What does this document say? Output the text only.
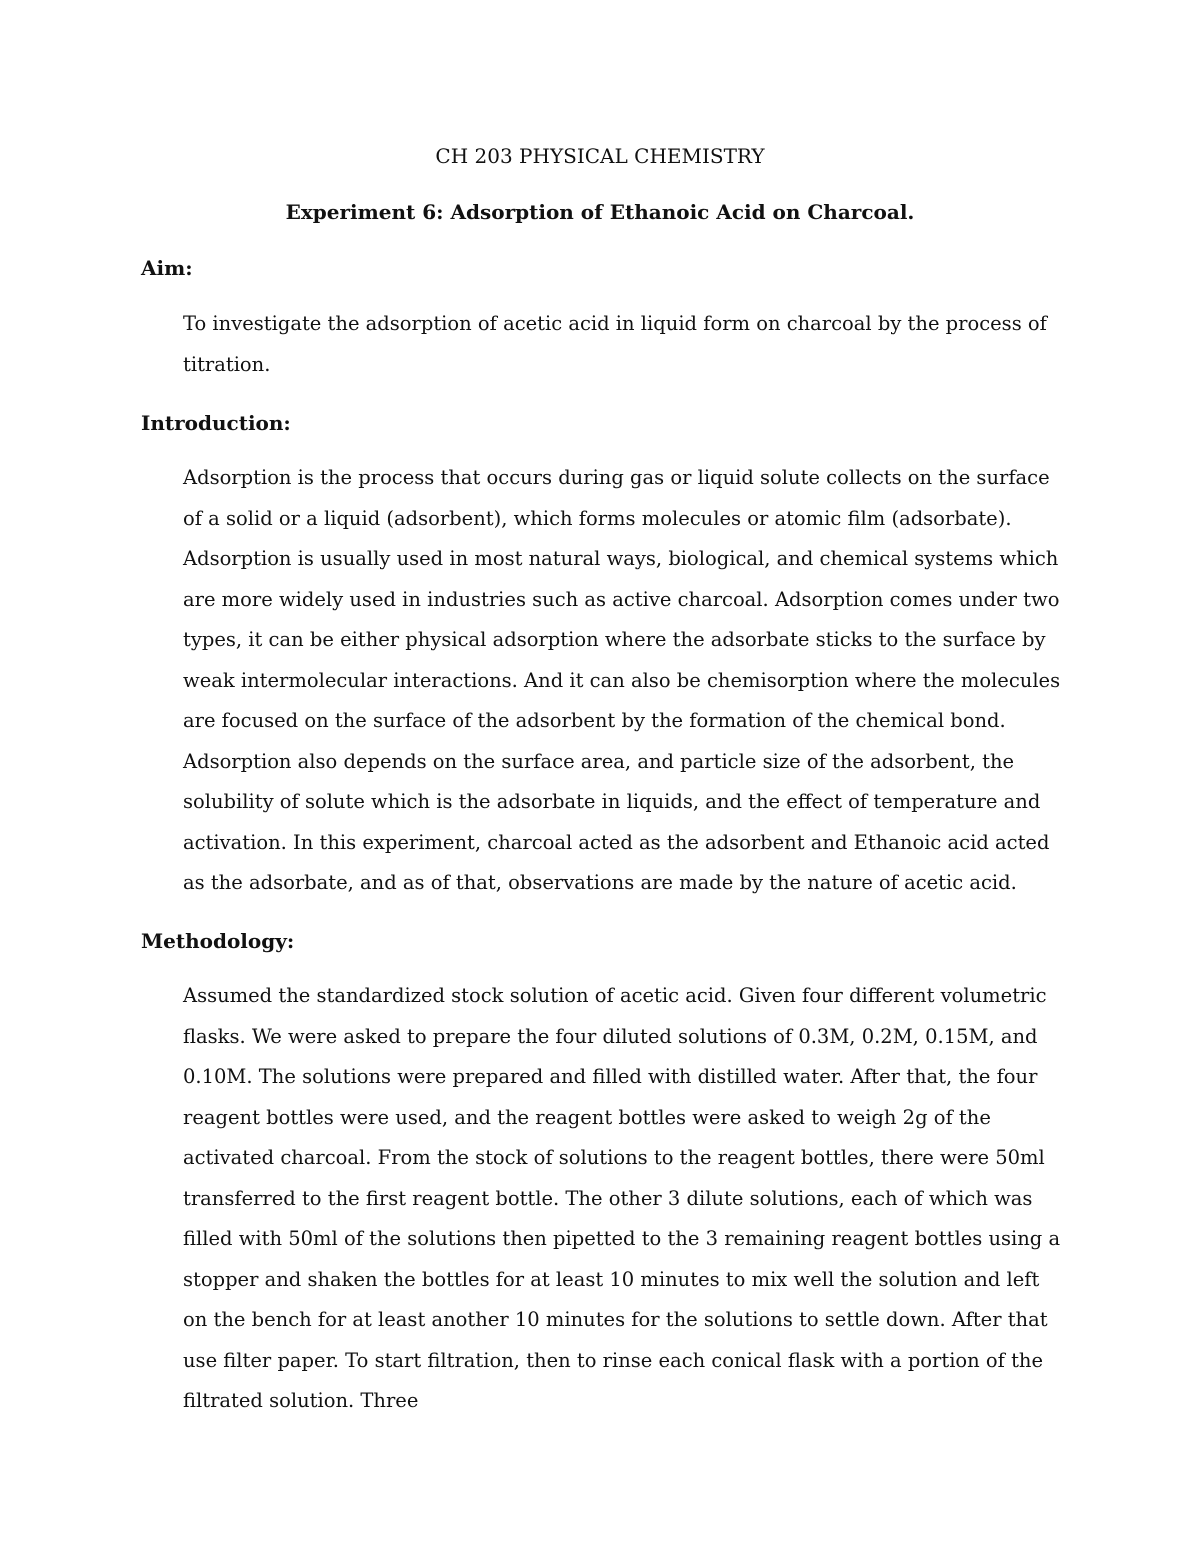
CH 203 PHYSICAL CHEMISTRY
Experiment 6: Adsorption of Ethanoic Acid on Charcoal.
Aim:

To investigate the adsorption of acetic acid in liquid form on charcoal by the process of titration.

Introduction:

Adsorption is the process that occurs during gas or liquid solute collects on the surface of a solid or a liquid (adsorbent), which forms molecules or atomic film (adsorbate). Adsorption is usually used in most natural ways, biological, and chemical systems which are more widely used in industries such as active charcoal. Adsorption comes under two types, it can be either physical adsorption where the adsorbate sticks to the surface by weak intermolecular interactions. And it can also be chemisorption where the molecules are focused on the surface of the adsorbent by the formation of the chemical bond. Adsorption also depends on the surface area, and particle size of the adsorbent, the solubility of solute which is the adsorbate in liquids, and the effect of temperature and activation. In this experiment, charcoal acted as the adsorbent and Ethanoic acid acted as the adsorbate, and as of that, observations are made by the nature of acetic acid.

Methodology:

Assumed the standardized stock solution of acetic acid. Given four different volumetric flasks. We were asked to prepare the four diluted solutions of 0.3M, 0.2M, 0.15M, and 0.10M. The solutions were prepared and filled with distilled water. After that, the four reagent bottles were used, and the reagent bottles were asked to weigh 2g of the activated charcoal. From the stock of solutions to the reagent bottles, there were 50ml transferred to the first reagent bottle. The other 3 dilute solutions, each of which was filled with 50ml of the solutions then pipetted to the 3 remaining reagent bottles using a stopper and shaken the bottles for at least 10 minutes to mix well the solution and left on the bench for at least another 10 minutes for the solutions to settle down. After that use filter paper. To start filtration, then to rinse each conical flask with a portion of the filtrated solution. Three
